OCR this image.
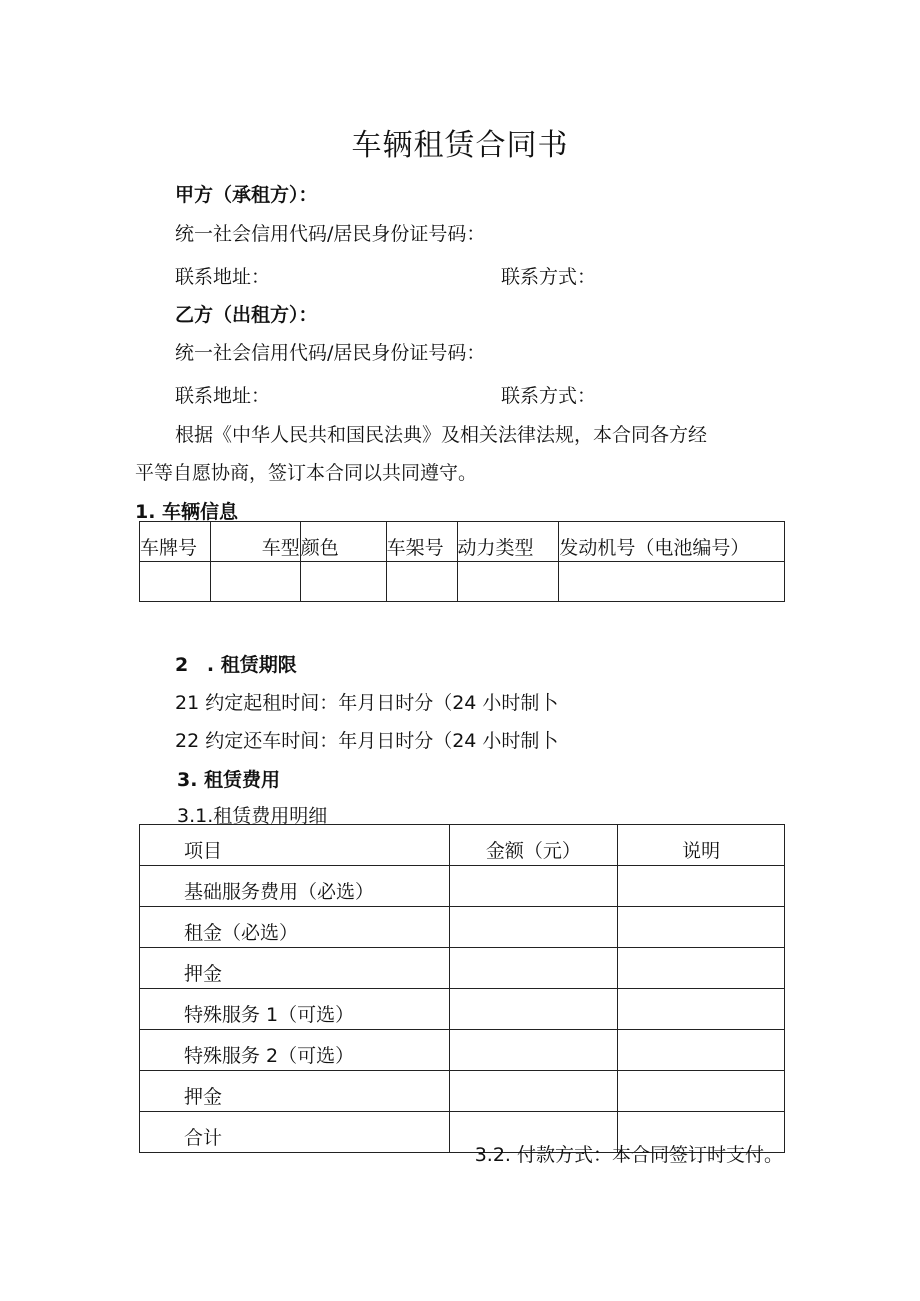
车辆租赁合同书
甲方（承租方）：
统一社会信用代码/居民身份证号码：
联系地址：	联系方式：
乙方（出租方）：
统一社会信用代码/居民身份证号码：
联系地址：	联系方式：
根据《中华人民共和国民法典》及相关法律法规，本合同各方经
平等自愿协商，签订本合同以共同遵守。
1. 车辆信息
车牌号	车型	颜色	车架号	动力类型	发动机号（电池编号）

2 . 租赁期限
21 约定起租时间：年月日时分（24 小时制卜
22 约定还车时间：年月日时分（24 小时制卜
3. 租赁费用
3.1.租赁费用明细
项目	金额（元）	说明
基础服务费用（必选）		
租金（必选）		
押金		
特殊服务 1（可选）		
特殊服务 2（可选）		
押金		
合计		
3.2. 付款方式：本合同签订时支付。
